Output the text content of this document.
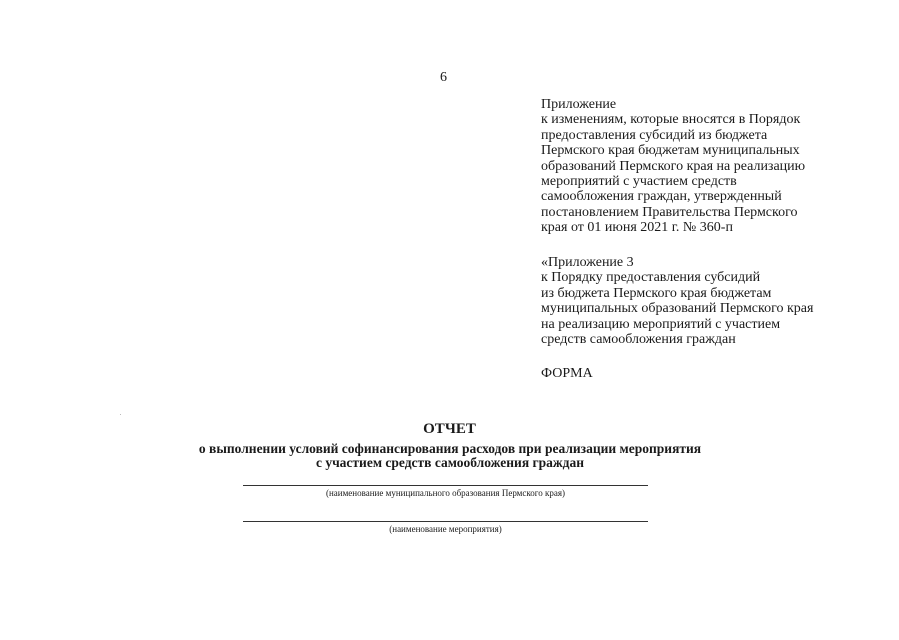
6
Приложение
к изменениям, которые вносятся в Порядок
предоставления субсидий из бюджета
Пермского края бюджетам муниципальных
образований Пермского края на реализацию
мероприятий с участием средств
самообложения граждан, утвержденный
постановлением Правительства Пермского
края от 01 июня 2021 г. № 360-п
«Приложение 3
к Порядку предоставления субсидий
из бюджета Пермского края бюджетам
муниципальных образований Пермского края
на реализацию мероприятий с участием
средств самообложения граждан
ФОРМА
ОТЧЕТ
о выполнении условий софинансирования расходов при реализации мероприятия
с участием средств самообложения граждан
(наименование муниципального образования Пермского края)
(наименование мероприятия)
